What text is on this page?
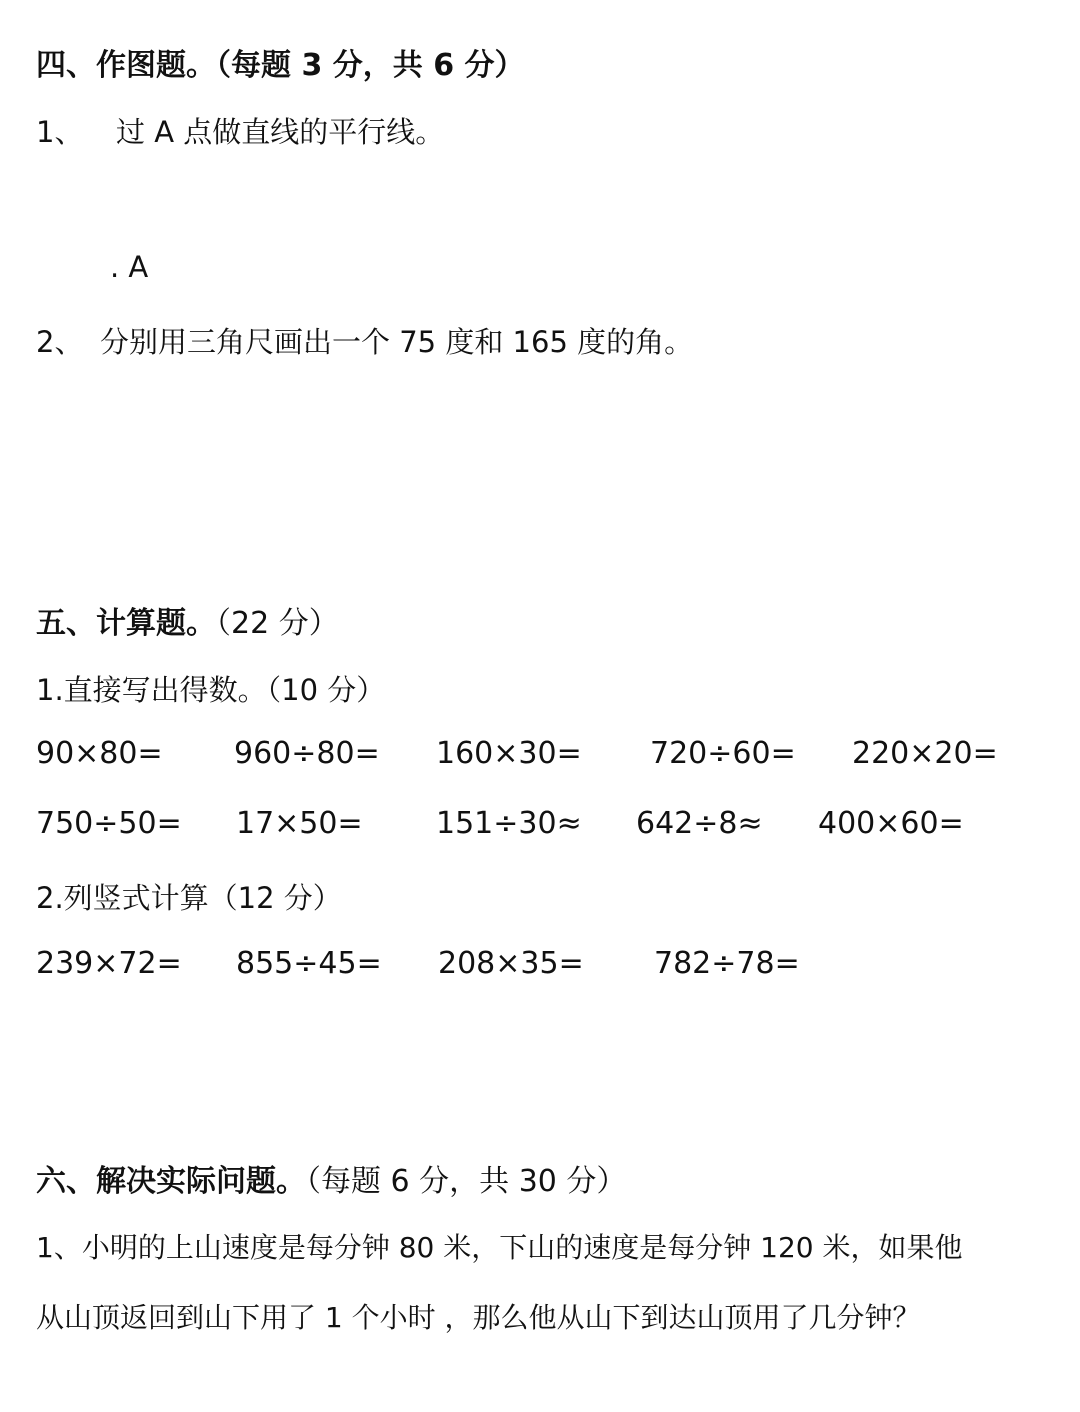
四、作图题。（每题 3 分，共 6 分）
1、 过 A 点做直线的平行线。
. A
2、 分别用三角尺画出一个 75 度和 165 度的角。
五、计算题。（22 分）
1.直接写出得数。（10 分）
90×80= 960÷80= 160×30= 720÷60= 220×20=
750÷50= 17×50= 151÷30≈ 642÷8≈ 400×60=
2.列竖式计算（12 分）
239×72= 855÷45= 208×35= 782÷78=
六、解决实际问题。（每题 6 分，共 30 分）
1、小明的上山速度是每分钟 80 米，下山的速度是每分钟 120 米，如果他
从山顶返回到山下用了 1 个小时 ，那么他从山下到达山顶用了几分钟？
